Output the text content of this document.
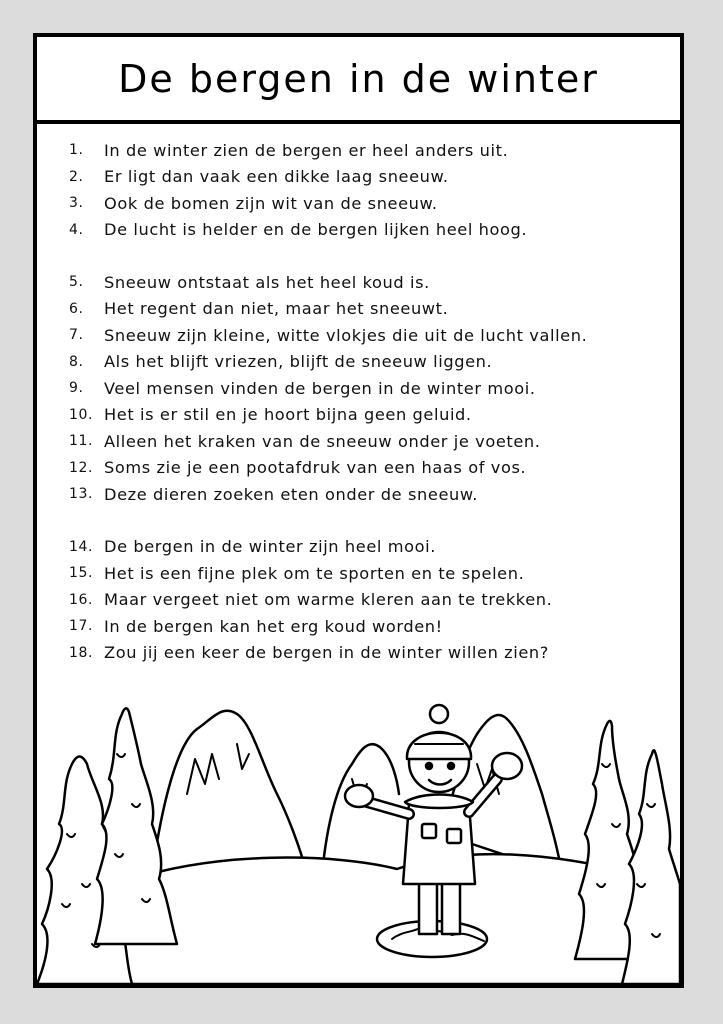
De bergen in de winter
1.	In de winter zien de bergen er heel anders uit.
2.	Er ligt dan vaak een dikke laag sneeuw.
3.	Ook de bomen zijn wit van de sneeuw.
4.	De lucht is helder en de bergen lijken heel hoog.
5.	Sneeuw ontstaat als het heel koud is.
6.	Het regent dan niet, maar het sneeuwt.
7.	Sneeuw zijn kleine, witte vlokjes die uit de lucht vallen.
8.	Als het blijft vriezen, blijft de sneeuw liggen.
9.	Veel mensen vinden de bergen in de winter mooi.
10. Het is er stil en je hoort bijna geen geluid.
11. Alleen het kraken van de sneeuw onder je voeten.
12. Soms zie je een pootafdruk van een haas of vos.
13. Deze dieren zoeken eten onder de sneeuw.
14. De bergen in de winter zijn heel mooi.
15. Het is een fijne plek om te sporten en te spelen.
16. Maar vergeet niet om warme kleren aan te trekken.
17. In de bergen kan het erg koud worden!
18. Zou jij een keer de bergen in de winter willen zien?
